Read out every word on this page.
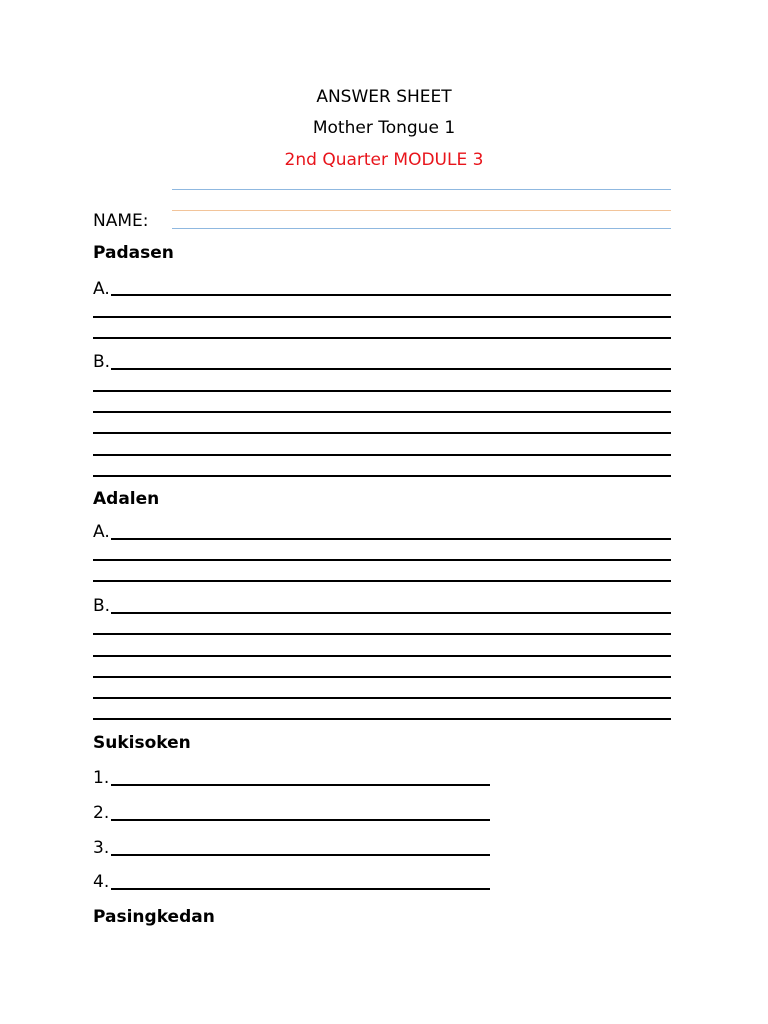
ANSWER SHEET
Mother Tongue 1
2nd Quarter MODULE 3
NAME:
Padasen
A.
B.
Adalen
A.
B.
Sukisoken
1.
2.
3.
4.
Pasingkedan
